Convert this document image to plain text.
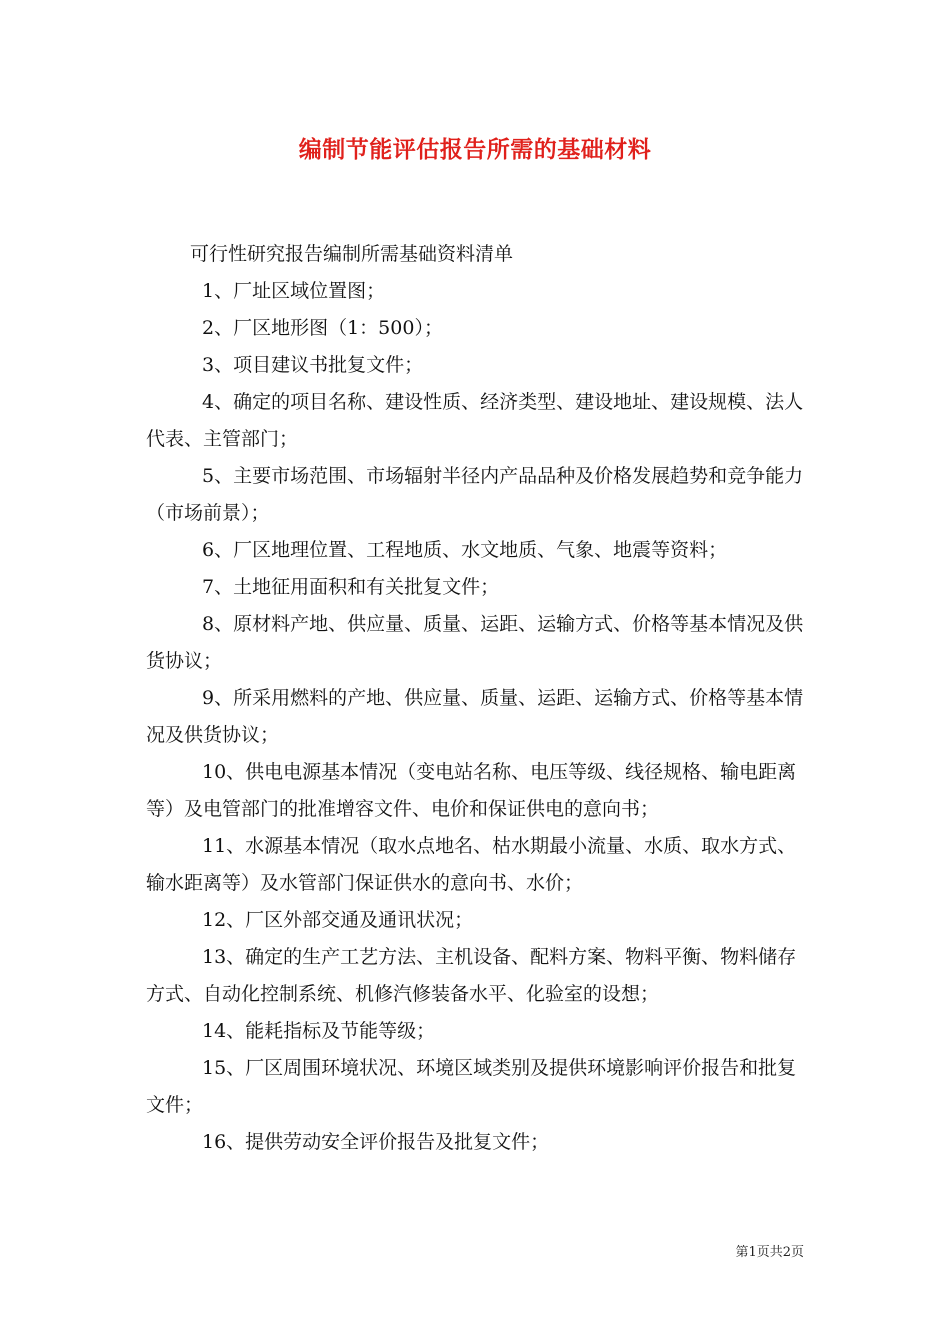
编制节能评估报告所需的基础材料

可行性研究报告编制所需基础资料清单

1、厂址区域位置图；

2、厂区地形图（1：500）；

3、项目建议书批复文件；

4、确定的项目名称、建设性质、经济类型、建设地址、建设规模、法人代表、主管部门；

5、主要市场范围、市场辐射半径内产品品种及价格发展趋势和竞争能力（市场前景）；

6、厂区地理位置、工程地质、水文地质、气象、地震等资料；

7、土地征用面积和有关批复文件；

8、原材料产地、供应量、质量、运距、运输方式、价格等基本情况及供货协议；

9、所采用燃料的产地、供应量、质量、运距、运输方式、价格等基本情况及供货协议；

10、供电电源基本情况（变电站名称、电压等级、线径规格、输电距离等）及电管部门的批准增容文件、电价和保证供电的意向书；

11、水源基本情况（取水点地名、枯水期最小流量、水质、取水方式、输水距离等）及水管部门保证供水的意向书、水价；

12、厂区外部交通及通讯状况；

13、确定的生产工艺方法、主机设备、配料方案、物料平衡、物料储存方式、自动化控制系统、机修汽修装备水平、化验室的设想；

14、能耗指标及节能等级；

15、厂区周围环境状况、环境区域类别及提供环境影响评价报告和批复文件；

16、提供劳动安全评价报告及批复文件；

第1页共2页
